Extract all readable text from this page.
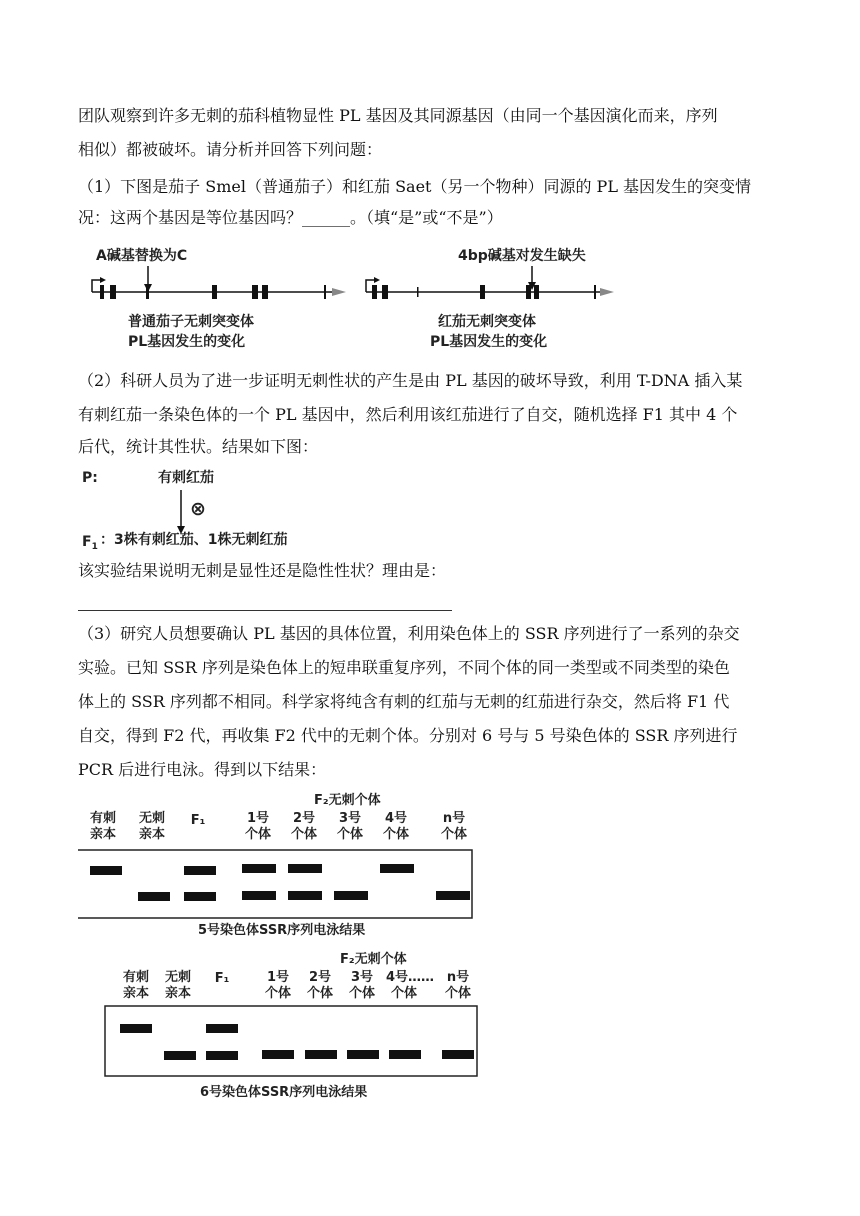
团队观察到许多无刺的茄科植物显性 PL 基因及其同源基因（由同一个基因演化而来，序列
相似）都被破坏。请分析并回答下列问题：
（1）下图是茄子 Smel（普通茄子）和红茄 Saet（另一个物种）同源的 PL 基因发生的突变情
况：这两个基因是等位基因吗？______。（填“是”或“不是”）
A碱基替换为C
普通茄子无刺突变体
PL基因发生的变化
4bp碱基对发生缺失
红茄无刺突变体
PL基因发生的变化
（2）科研人员为了进一步证明无刺性状的产生是由 PL 基因的破坏导致，利用 T-DNA 插入某
有刺红茄一条染色体的一个 PL 基因中，然后利用该红茄进行了自交，随机选择 F1 其中 4 个
后代，统计其性状。结果如下图：
P:	有刺红茄
⊗
$F_1$ ：3株有刺红茄、1株无刺红茄
该实验结果说明无刺是显性还是隐性性状？理由是：
（3）研究人员想要确认 PL 基因的具体位置，利用染色体上的 SSR 序列进行了一系列的杂交
实验。已知 SSR 序列是染色体上的短串联重复序列，不同个体的同一类型或不同类型的染色
体上的 SSR 序列都不相同。科学家将纯含有刺的红茄与无刺的红茄进行杂交，然后将 F1 代
自交，得到 F2 代，再收集 F2 代中的无刺个体。分别对 6 号与 5 号染色体的 SSR 序列进行
PCR 后进行电泳。得到以下结果：
F₂无刺个体
有刺
亲本
无刺
亲本
F₁	1号
个体
2号
个体
3号
个体
4号
个体
n号
个体
5号染色体SSR序列电泳结果
F₂无刺个体
有刺
亲本
无刺
亲本
F₁	1号
个体
2号
个体
3号
个体
4号……
个体
n号
个体
6号染色体SSR序列电泳结果
